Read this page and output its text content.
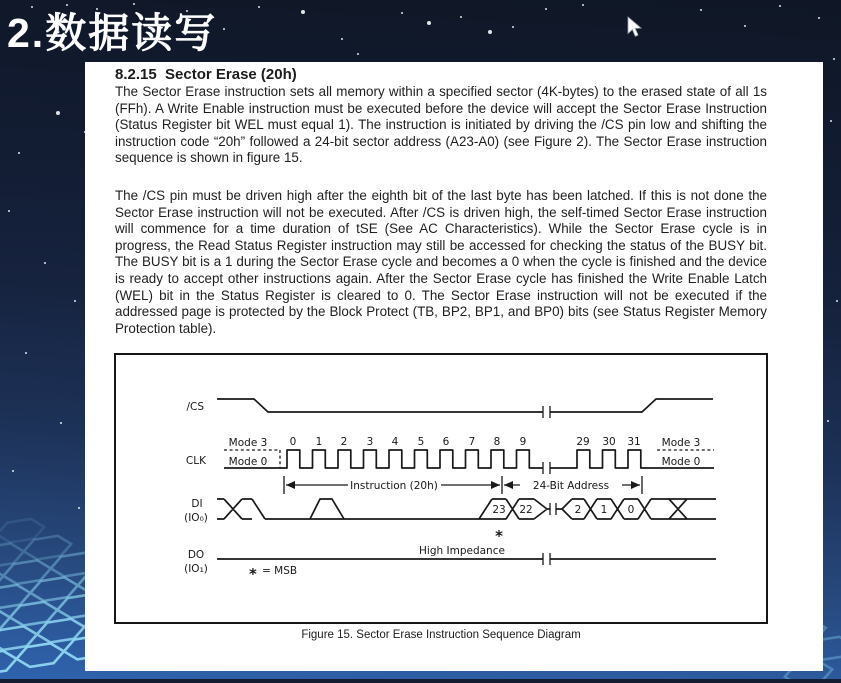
2.数据读写
8.2.15  Sector Erase (20h)
The Sector Erase instruction sets all memory within a specified sector (4K-bytes) to the erased state of all 1s (FFh). A Write Enable instruction must be executed before the device will accept the Sector Erase Instruction (Status Register bit WEL must equal 1). The instruction is initiated by driving the /CS pin low and shifting the instruction code “20h” followed a 24-bit sector address (A23-A0) (see Figure 2). The Sector Erase instruction sequence is shown in figure 15.
The /CS pin must be driven high after the eighth bit of the last byte has been latched. If this is not done the Sector Erase instruction will not be executed. After /CS is driven high, the self-timed Sector Erase instruction will commence for a time duration of tSE (See AC Characteristics). While the Sector Erase cycle is in progress, the Read Status Register instruction may still be accessed for checking the status of the BUSY bit. The BUSY bit is a 1 during the Sector Erase cycle and becomes a 0 when the cycle is finished and the device is ready to accept other instructions again. After the Sector Erase cycle has finished the Write Enable Latch (WEL) bit in the Status Register is cleared to 0. The Sector Erase instruction will not be executed if the addressed page is protected by the Block Protect (TB, BP2, BP1, and BP0) bits (see Status Register Memory Protection table).
/CS
CLK
Mode 3
Mode 0
Mode 3
Mode 0
0 1 2 3 4 5 6 7 8 9	29 30 31
Instruction (20h)	24-Bit Address
DI
(IO₀)
23 22	2 1 0
*
DO
(IO₁)
High Impedance
* = MSB
Figure 15. Sector Erase Instruction Sequence Diagram
